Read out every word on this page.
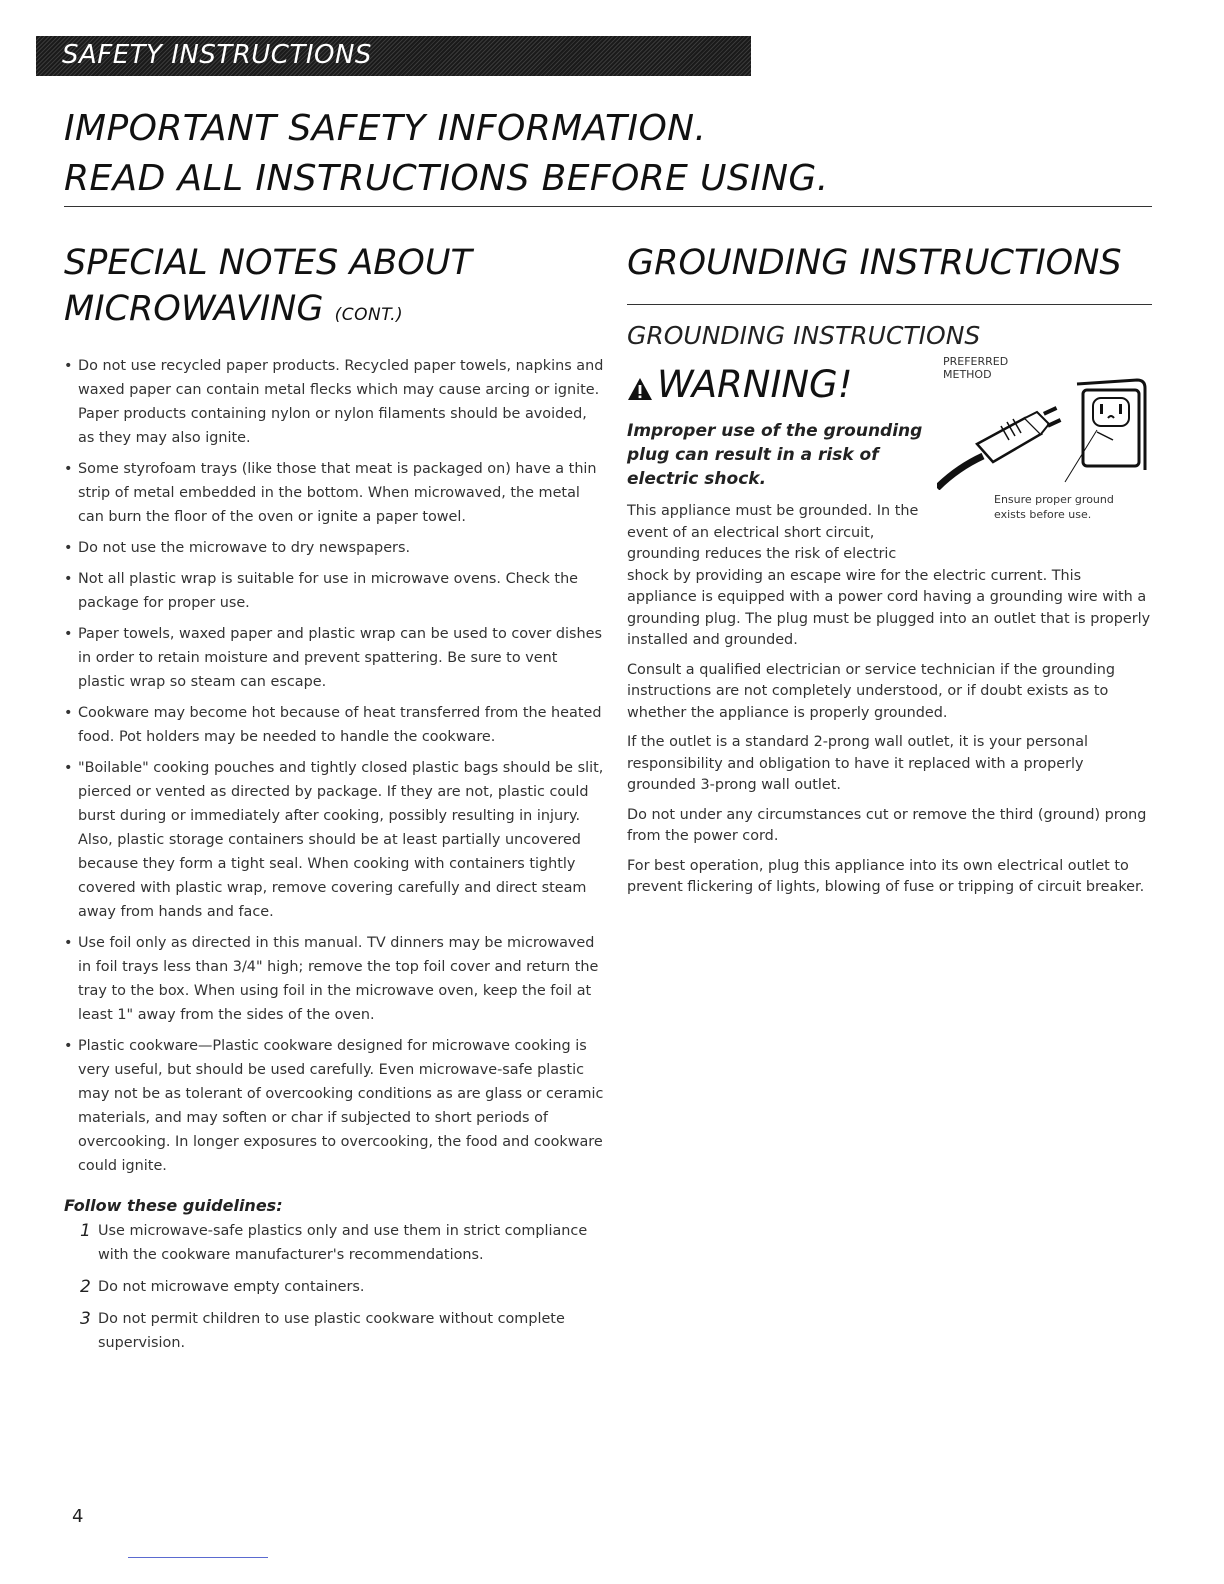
SAFETY INSTRUCTIONS
IMPORTANT SAFETY INFORMATION.
READ ALL INSTRUCTIONS BEFORE USING.
SPECIAL NOTES ABOUT
MICROWAVING (CONT.)
• Do not use recycled paper products. Recycled paper towels, napkins and waxed paper can contain metal flecks which may cause arcing or ignite. Paper products containing nylon or nylon filaments should be avoided, as they may also ignite.
• Some styrofoam trays (like those that meat is packaged on) have a thin strip of metal embedded in the bottom. When microwaved, the metal can burn the floor of the oven or ignite a paper towel.
• Do not use the microwave to dry newspapers.
• Not all plastic wrap is suitable for use in microwave ovens. Check the package for proper use.
• Paper towels, waxed paper and plastic wrap can be used to cover dishes in order to retain moisture and prevent spattering. Be sure to vent plastic wrap so steam can escape.
• Cookware may become hot because of heat transferred from the heated food. Pot holders may be needed to handle the cookware.
• "Boilable" cooking pouches and tightly closed plastic bags should be slit, pierced or vented as directed by package. If they are not, plastic could burst during or immediately after cooking, possibly resulting in injury. Also, plastic storage containers should be at least partially uncovered because they form a tight seal. When cooking with containers tightly covered with plastic wrap, remove covering carefully and direct steam away from hands and face.
• Use foil only as directed in this manual. TV dinners may be microwaved in foil trays less than 3/4" high; remove the top foil cover and return the tray to the box. When using foil in the microwave oven, keep the foil at least 1" away from the sides of the oven.
• Plastic cookware—Plastic cookware designed for microwave cooking is very useful, but should be used carefully. Even microwave-safe plastic may not be as tolerant of overcooking conditions as are glass or ceramic materials, and may soften or char if subjected to short periods of overcooking. In longer exposures to overcooking, the food and cookware could ignite.
Follow these guidelines:
1 Use microwave-safe plastics only and use them in strict compliance with the cookware manufacturer's recommendations.
2 Do not microwave empty containers.
3 Do not permit children to use plastic cookware without complete supervision.
GROUNDING INSTRUCTIONS
GROUNDING INSTRUCTIONS
WARNING!
PREFERRED
METHOD
Improper use of the grounding plug can result in a risk of electric shock.
Ensure proper ground
exists before use.

This appliance must be grounded. In the event of an electrical short circuit, grounding reduces the risk of electric
shock by providing an escape wire for the electric current. This appliance is equipped with a power cord having a grounding wire with a grounding plug. The plug must be plugged into an outlet that is properly installed and grounded.

Consult a qualified electrician or service technician if the grounding instructions are not completely understood, or if doubt exists as to whether the appliance is properly grounded.

If the outlet is a standard 2-prong wall outlet, it is your personal responsibility and obligation to have it replaced with a properly grounded 3-prong wall outlet.

Do not under any circumstances cut or remove the third (ground) prong from the power cord.

For best operation, plug this appliance into its own electrical outlet to prevent flickering of lights, blowing of fuse or tripping of circuit breaker.

4
